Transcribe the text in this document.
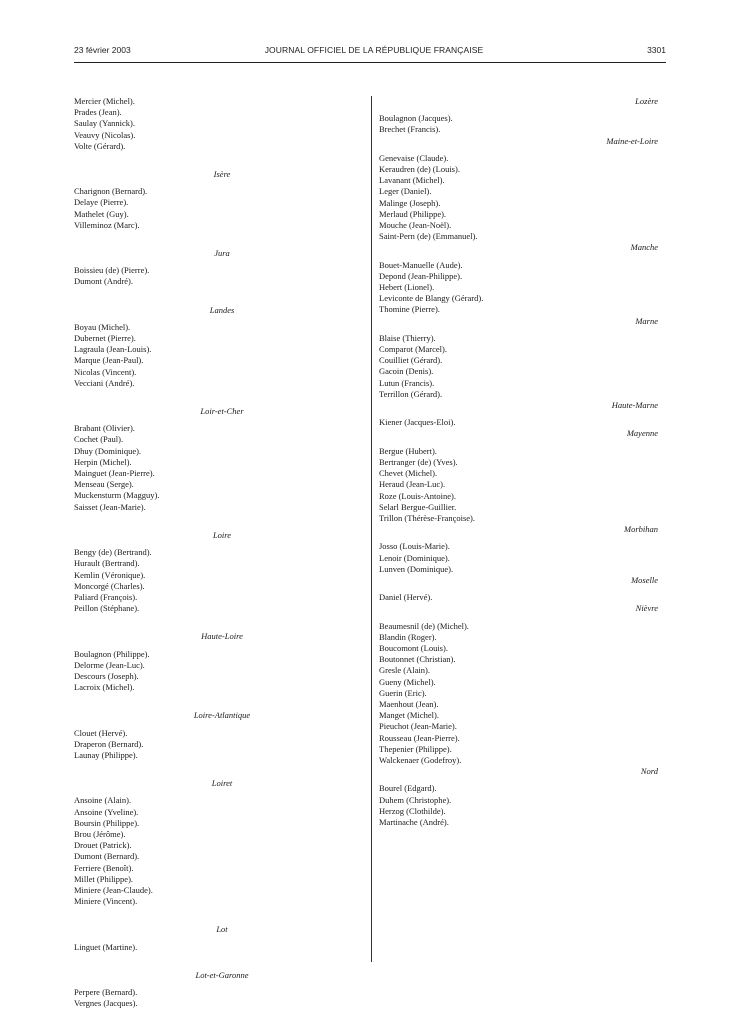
23 février 2003	JOURNAL OFFICIEL DE LA RÉPUBLIQUE FRANÇAISE	3301
Mercier (Michel).
Prades (Jean).
Saulay (Yannick).
Veauvy (Nicolas).
Volte (Gérard).
Isère
Charignon (Bernard).
Delaye (Pierre).
Mathelet (Guy).
Villeminoz (Marc).
Jura
Boissieu (de) (Pierre).
Dumont (André).
Landes
Boyau (Michel).
Dubernet (Pierre).
Lagraula (Jean-Louis).
Marque (Jean-Paul).
Nicolas (Vincent).
Vecciani (André).
Loir-et-Cher
Brabant (Olivier).
Cochet (Paul).
Dhuy (Dominique).
Herpin (Michel).
Mainguet (Jean-Pierre).
Menseau (Serge).
Muckensturm (Magguy).
Saisset (Jean-Marie).
Loire
Bengy (de) (Bertrand).
Hurault (Bertrand).
Kemlin (Véronique).
Moncorgé (Charles).
Paliard (François).
Peillon (Stéphane).
Haute-Loire
Boulagnon (Philippe).
Delorme (Jean-Luc).
Descours (Joseph).
Lacroix (Michel).
Loire-Atlantique
Clouet (Hervé).
Draperon (Bernard).
Launay (Philippe).
Loiret
Ansoine (Alain).
Ansoine (Yveline).
Boursin (Philippe).
Brou (Jérôme).
Drouet (Patrick).
Dumont (Bernard).
Ferriere (Benoît).
Millet (Philippe).
Miniere (Jean-Claude).
Miniere (Vincent).
Lot
Linguet (Martine).
Lot-et-Garonne
Perpere (Bernard).
Vergnes (Jacques).
Lozère
Boulagnon (Jacques).
Brechet (Francis).
Maine-et-Loire
Genevaise (Claude).
Keraudren (de) (Louis).
Lavanant (Michel).
Leger (Daniel).
Malinge (Joseph).
Merlaud (Philippe).
Mouche (Jean-Noël).
Saint-Pern (de) (Emmanuel).
Manche
Bouet-Manuelle (Aude).
Depond (Jean-Philippe).
Hebert (Lionel).
Leviconte de Blangy (Gérard).
Thomine (Pierre).
Marne
Blaise (Thierry).
Comparot (Marcel).
Couilliet (Gérard).
Gacoin (Denis).
Lutun (Francis).
Terrillon (Gérard).
Haute-Marne
Kiener (Jacques-Eloi).
Mayenne
Bergue (Hubert).
Bertranger (de) (Yves).
Chevet (Michel).
Heraud (Jean-Luc).
Roze (Louis-Antoine).
Selarl Bergue-Guillier.
Trillon (Thérèse-Françoise).
Morbihan
Josso (Louis-Marie).
Lenoir (Dominique).
Lunven (Dominique).
Moselle
Daniel (Hervé).
Nièvre
Beaumesnil (de) (Michel).
Blandin (Roger).
Boucomont (Louis).
Boutonnet (Christian).
Gresle (Alain).
Gueny (Michel).
Guerin (Eric).
Maenhout (Jean).
Manget (Michel).
Pieuchot (Jean-Marie).
Rousseau (Jean-Pierre).
Thepenier (Philippe).
Walckenaer (Godefroy).
Nord
Bourel (Edgard).
Duhem (Christophe).
Herzog (Clothilde).
Martinache (André).
